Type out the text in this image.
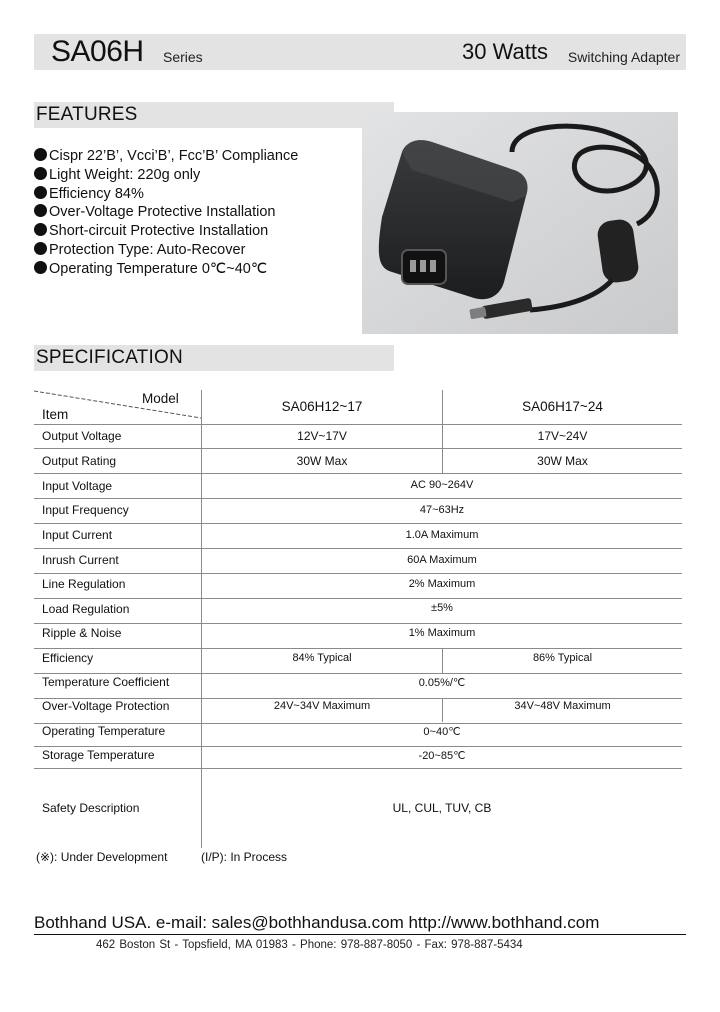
SA06H Series	30 Watts Switching Adapter
FEATURES
Cispr 22’B’, Vcci’B’, Fcc’B’ Compliance
Light Weight: 220g only
Efficiency 84%
Over-Voltage Protective Installation
Short-circuit Protective Installation
Protection Type: Auto-Recover
Operating Temperature 0℃~40℃
SPECIFICATION
Model
Item
SA06H12~17	SA06H17~24
Output Voltage	12V~17V	17V~24V
Output Rating	30W Max	30W Max
Input Voltage	AC 90~264V
Input Frequency	47~63Hz
Input Current	1.0A Maximum
Inrush Current	60A Maximum
Line Regulation	2% Maximum
Load Regulation	±5%
Ripple & Noise	1% Maximum
Efficiency	84% Typical	86% Typical
Temperature Coefficient	0.05%/℃
Over-Voltage Protection	24V~34V Maximum	34V~48V Maximum
Operating Temperature	0~40℃
Storage Temperature	-20~85℃
Safety Description	UL, CUL, TUV, CB
(※): Under Development	(I/P): In Process
Bothhand USA. e-mail: sales@bothhandusa.com http://www.bothhand.com
462 Boston St - Topsfield, MA 01983 - Phone: 978-887-8050 - Fax: 978-887-5434
